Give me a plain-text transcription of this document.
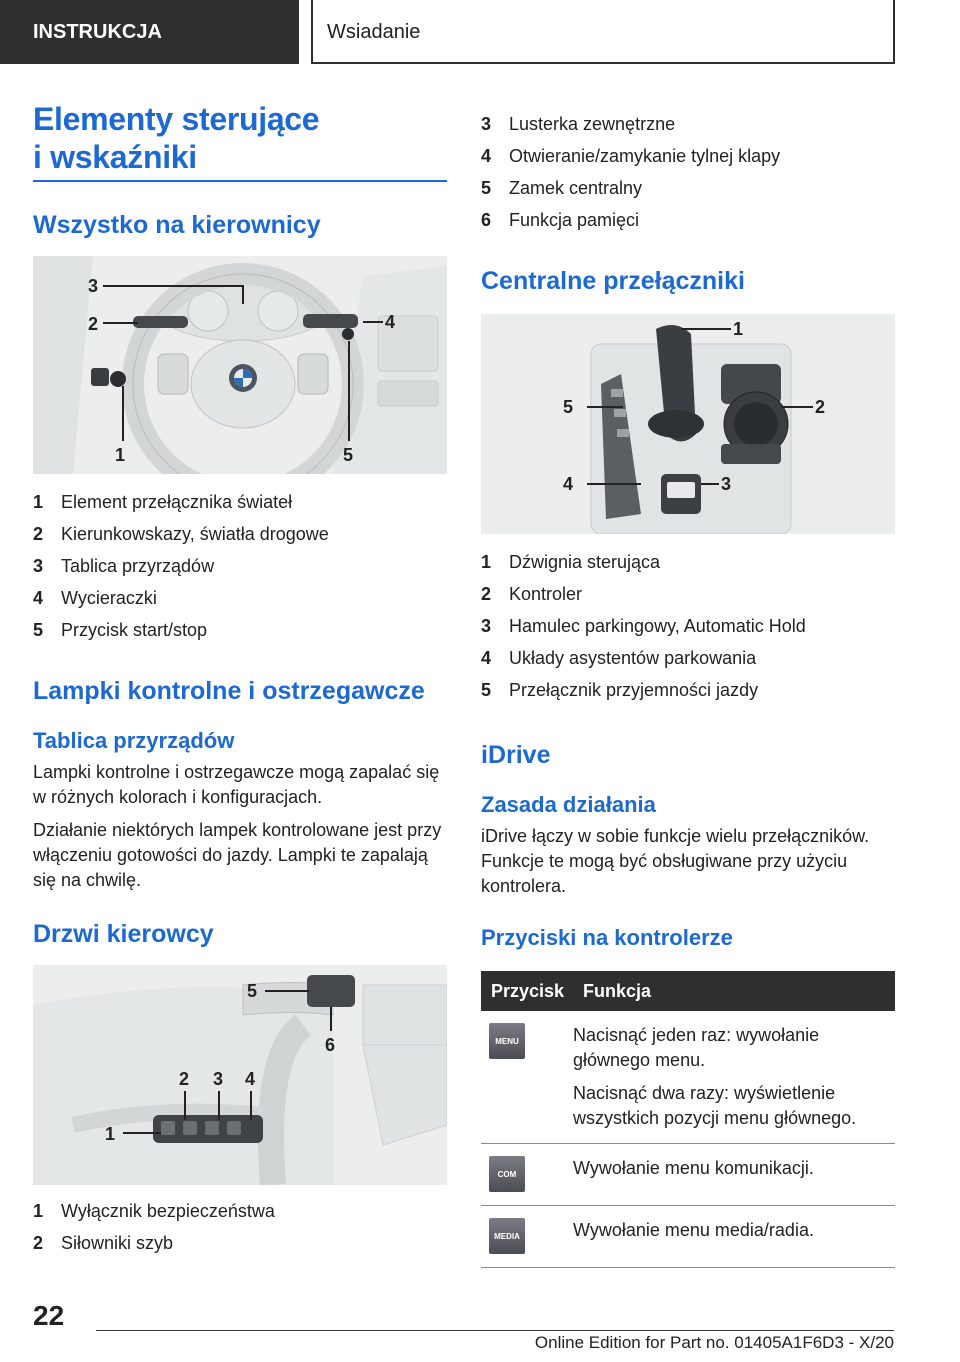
INSTRUKCJA	Wsiadanie
Elementy sterujące
i wskaźniki
Wszystko na kierownicy
3
2	4
1	5
1 Element przełącznika świateł
2 Kierunkowskazy, światła drogowe
3 Tablica przyrządów
4 Wycieraczki
5 Przycisk start/stop
Lampki kontrolne i ostrzegawcze
Tablica przyrządów

Lampki kontrolne i ostrzegawcze mogą zapalać się w różnych kolorach i konfiguracjach.

Działanie niektórych lampek kontrolowane jest przy włączeniu gotowości do jazdy. Lampki te zapalają się na chwilę.

Drzwi kierowcy
5
6
2 3 4
1
1 Wyłącznik bezpieczeństwa
2 Siłowniki szyb
3 Lusterka zewnętrzne
4 Otwieranie/zamykanie tylnej klapy
5 Zamek centralny
6 Funkcja pamięci
Centralne przełączniki
1
2
3
4
5
1 Dźwignia sterująca
2 Kontroler
3 Hamulec parkingowy, Automatic Hold
4 Układy asystentów parkowania
5 Przełącznik przyjemności jazdy
iDrive
Zasada działania

iDrive łączy w sobie funkcje wielu przełączników. Funkcje te mogą być obsługiwane przy użyciu kontrolera.

Przyciski na kontrolerze
Przycisk	Funkcja

MENU	Nacisnąć jeden raz: wywołanie głównego menu.

Nacisnąć dwa razy: wyświetlenie wszystkich pozycji menu głównego.

COM	Wywołanie menu komunikacji.

MEDIA	Wywołanie menu media/radia.

22
Online Edition for Part no. 01405A1F6D3 - X/20
